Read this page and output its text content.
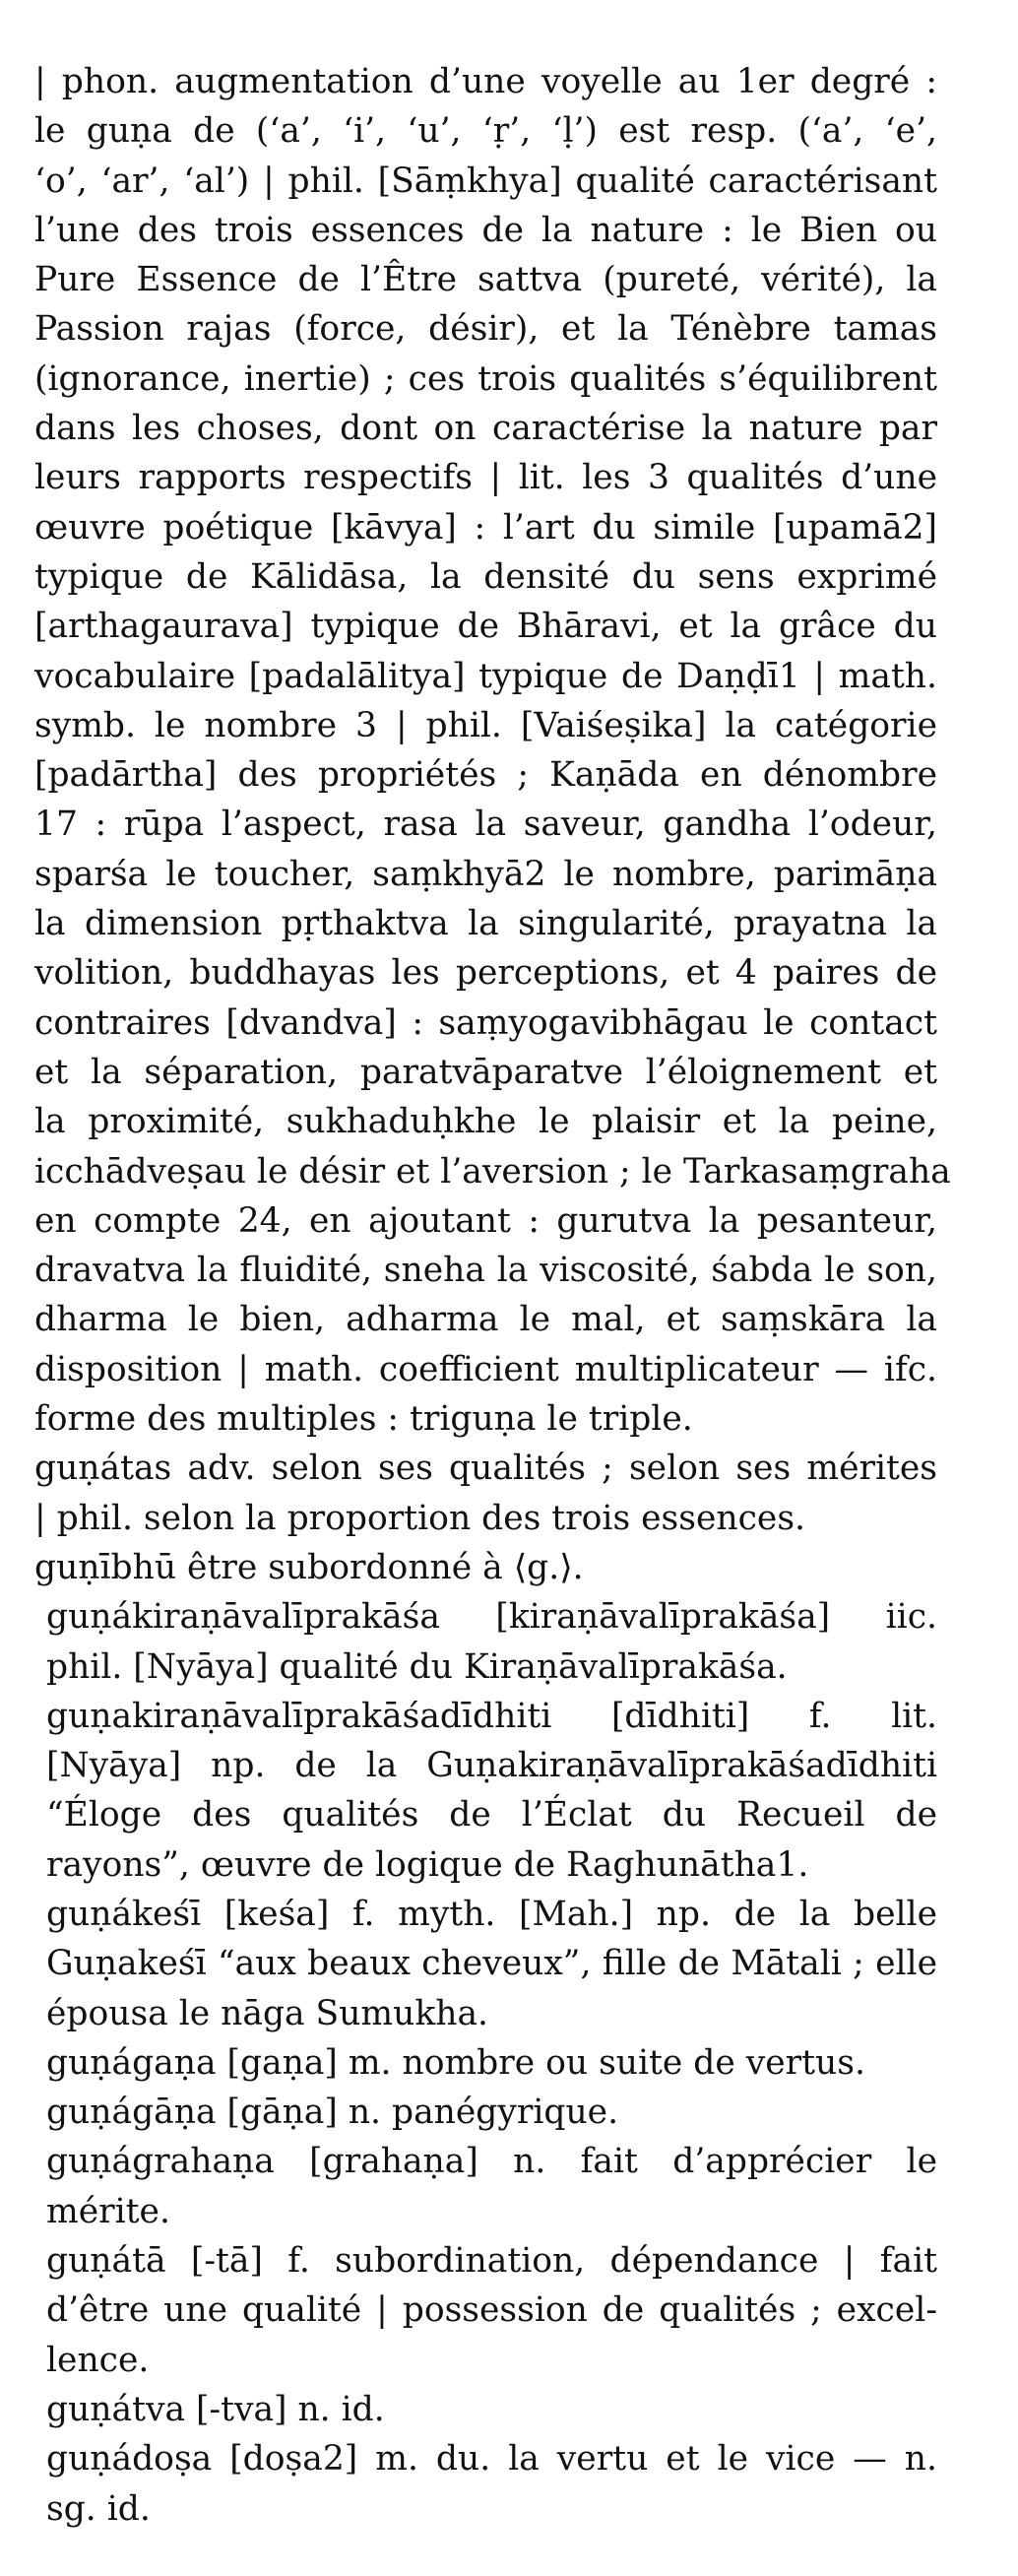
| phon. augmentation d’une voyelle au 1er degré :
le guṇa de (‘a’, ‘i’, ‘u’, ‘ṛ’, ‘ḷ’) est resp. (‘a’, ‘e’,
‘o’, ‘ar’, ‘al’) | phil. [Sāṃkhya] qualité caractérisant
l’une des trois essences de la nature : le Bien ou
Pure Essence de l’Être sattva (pureté, vérité), la
Passion rajas (force, désir), et la Ténèbre tamas
(ignorance, inertie) ; ces trois qualités s’équilibrent
dans les choses, dont on caractérise la nature par
leurs rapports respectifs | lit. les 3 qualités d’une
œuvre poétique [kāvya] : l’art du simile [upamā2]
typique de Kālidāsa, la densité du sens exprimé
[arthagaurava] typique de Bhāravi, et la grâce du
vocabulaire [padalālitya] typique de Daṇḍī1 | math.
symb. le nombre 3 | phil. [Vaiśeṣika] la catégorie
[padārtha] des propriétés ; Kaṇāda en dénombre
17 : rūpa l’aspect, rasa la saveur, gandha l’odeur,
sparśa le toucher, saṃkhyā2 le nombre, parimāṇa
la dimension pṛthaktva la singularité, prayatna la
volition, buddhayas les perceptions, et 4 paires de
contraires [dvandva] : saṃyogavibhāgau le contact
et la séparation, paratvāparatve l’éloignement et
la proximité, sukhaduḥkhe le plaisir et la peine,
icchādveṣau le désir et l’aversion ; le Tarkasaṃgraha
en compte 24, en ajoutant : gurutva la pesanteur,
dravatva la fluidité, sneha la viscosité, śabda le son,
dharma le bien, adharma le mal, et saṃskāra la
disposition | math. coefficient multiplicateur — ifc.
forme des multiples : triguṇa le triple.
guṇátas adv. selon ses qualités ; selon ses mérites
| phil. selon la proportion des trois essences.
guṇībhū être subordonné à ⟨g.⟩.
guṇákiraṇāvalīprakāśa [kiraṇāvalīprakāśa] iic.
phil. [Nyāya] qualité du Kiraṇāvalīprakāśa.
guṇakiraṇāvalīprakāśadīdhiti [dīdhiti] f. lit.
[Nyāya] np. de la Guṇakiraṇāvalīprakāśadīdhiti
“Éloge des qualités de l’Éclat du Recueil de
rayons”, œuvre de logique de Raghunātha1.
guṇákeśī [keśa] f. myth. [Mah.] np. de la belle
Guṇakeśī “aux beaux cheveux”, fille de Mātali ; elle
épousa le nāga Sumukha.
guṇágaṇa [gaṇa] m. nombre ou suite de vertus.
guṇágāṇa [gāṇa] n. panégyrique.
guṇágrahaṇa [grahaṇa] n. fait d’apprécier le
mérite.
guṇátā [-tā] f. subordination, dépendance | fait
d’être une qualité | possession de qualités ; excel-
lence.
guṇátva [-tva] n. id.
guṇádoṣa [doṣa2] m. du. la vertu et le vice — n.
sg. id.
